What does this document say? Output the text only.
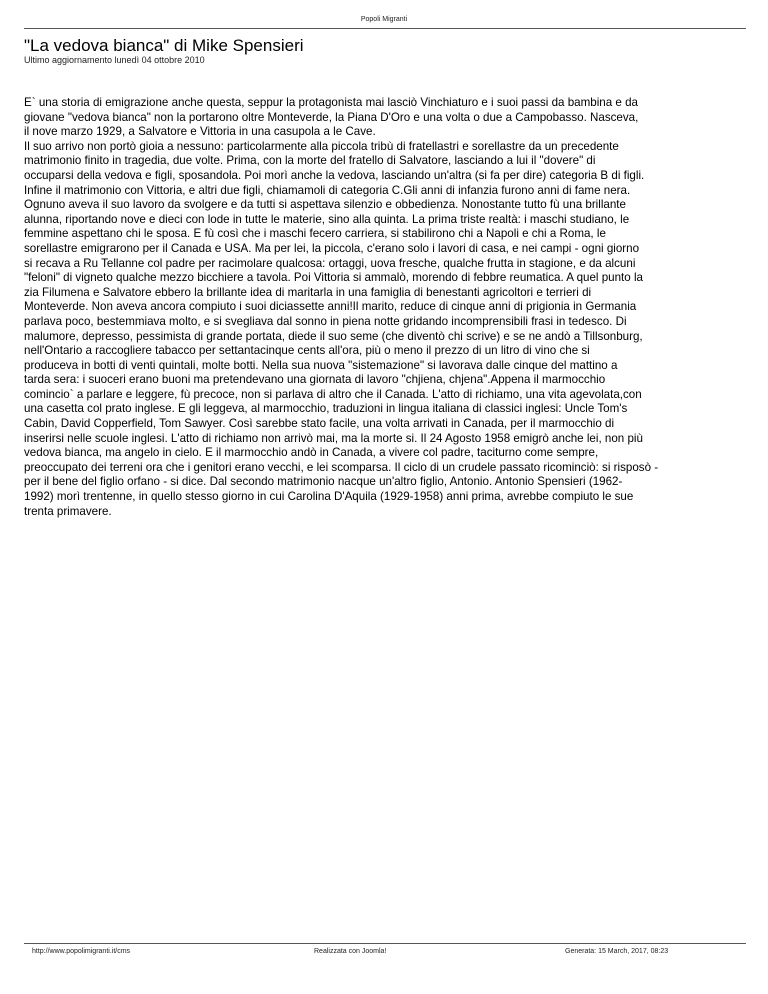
Popoli Migranti
"La vedova bianca" di Mike Spensieri
Ultimo aggiornamento lunedì 04 ottobre 2010

E` una storia di emigrazione anche questa, seppur la protagonista mai lasciò Vinchiaturo e i suoi passi da bambina e da
giovane "vedova bianca" non la portarono oltre Monteverde, la Piana D'Oro e una volta o due a Campobasso. Nasceva,
il nove marzo 1929, a Salvatore e Vittoria in una casupola a le Cave.
Il suo arrivo non portò gioia a nessuno: particolarmente alla piccola tribù di fratellastri e sorellastre da un precedente
matrimonio finito in tragedia, due volte. Prima, con la morte del fratello di Salvatore, lasciando a lui il "dovere" di
occuparsi della vedova e figli, sposandola. Poi morì anche la vedova, lasciando un'altra (si fa per dire) categoria B di figli.
Infine il matrimonio con Vittoria, e altri due figli, chiamamoli di categoria C.Gli anni di infanzia furono anni di fame nera.
Ognuno aveva il suo lavoro da svolgere e da tutti si aspettava silenzio e obbedienza. Nonostante tutto fù una brillante
alunna, riportando nove e dieci con lode in tutte le materie, sino alla quinta. La prima triste realtà: i maschi studiano, le
femmine aspettano chi le sposa. E fù così che i maschi fecero carriera, si stabilirono chi a Napoli e chi a Roma, le
sorellastre emigrarono per il Canada e USA. Ma per lei, la piccola, c'erano solo i lavori di casa, e nei campi - ogni giorno
si recava a Ru Tellanne col padre per racimolare qualcosa: ortaggi, uova fresche, qualche frutta in stagione, e da alcuni
"feloni" di vigneto qualche mezzo bicchiere a tavola. Poi Vittoria si ammalò, morendo di febbre reumatica. A quel punto la
zia Filumena e Salvatore ebbero la brillante idea di maritarla in una famiglia di benestanti agricoltori e terrieri di
Monteverde. Non aveva ancora compiuto i suoi diciassette anni!Il marito, reduce di cinque anni di prigionia in Germania
parlava poco, bestemmiava molto, e si svegliava dal sonno in piena notte gridando incomprensibili frasi in tedesco. Di
malumore, depresso, pessimista di grande portata, diede il suo seme (che diventò chi scrive) e se ne andò a Tillsonburg,
nell'Ontario a raccogliere tabacco per settantacinque cents all'ora, più o meno il prezzo di un litro di vino che si
produceva in botti di venti quintali, molte botti. Nella sua nuova "sistemazione" si lavorava dalle cinque del mattino a
tarda sera: i suoceri erano buoni ma pretendevano una giornata di lavoro "chjiena, chjena".Appena il marmocchio
comincio` a parlare e leggere, fù precoce, non si parlava di altro che il Canada. L'atto di richiamo, una vita agevolata,con
una casetta col prato inglese. E gli leggeva, al marmocchio, traduzioni in lingua italiana di classici inglesi: Uncle Tom's
Cabin, David Copperfield, Tom Sawyer. Così sarebbe stato facile, una volta arrivati in Canada, per il marmocchio di
inserirsi nelle scuole inglesi. L'atto di richiamo non arrivò mai, ma la morte si. Il 24 Agosto 1958 emigrò anche lei, non più
vedova bianca, ma angelo in cielo. E il marmocchio andò in Canada, a vivere col padre, taciturno come sempre,
preoccupato dei terreni ora che i genitori erano vecchi, e lei scomparsa. Il ciclo di un crudele passato ricominciò: si risposò -
per il bene del figlio orfano - si dice. Dal secondo matrimonio nacque un'altro figlio, Antonio. Antonio Spensieri (1962-
1992) morì trentenne, in quello stesso giorno in cui Carolina D'Aquila (1929-1958) anni prima, avrebbe compiuto le sue
trenta primavere.

http://www.popolimigranti.it/cms	Realizzata con Joomla!	Generata: 15 March, 2017, 08:23
